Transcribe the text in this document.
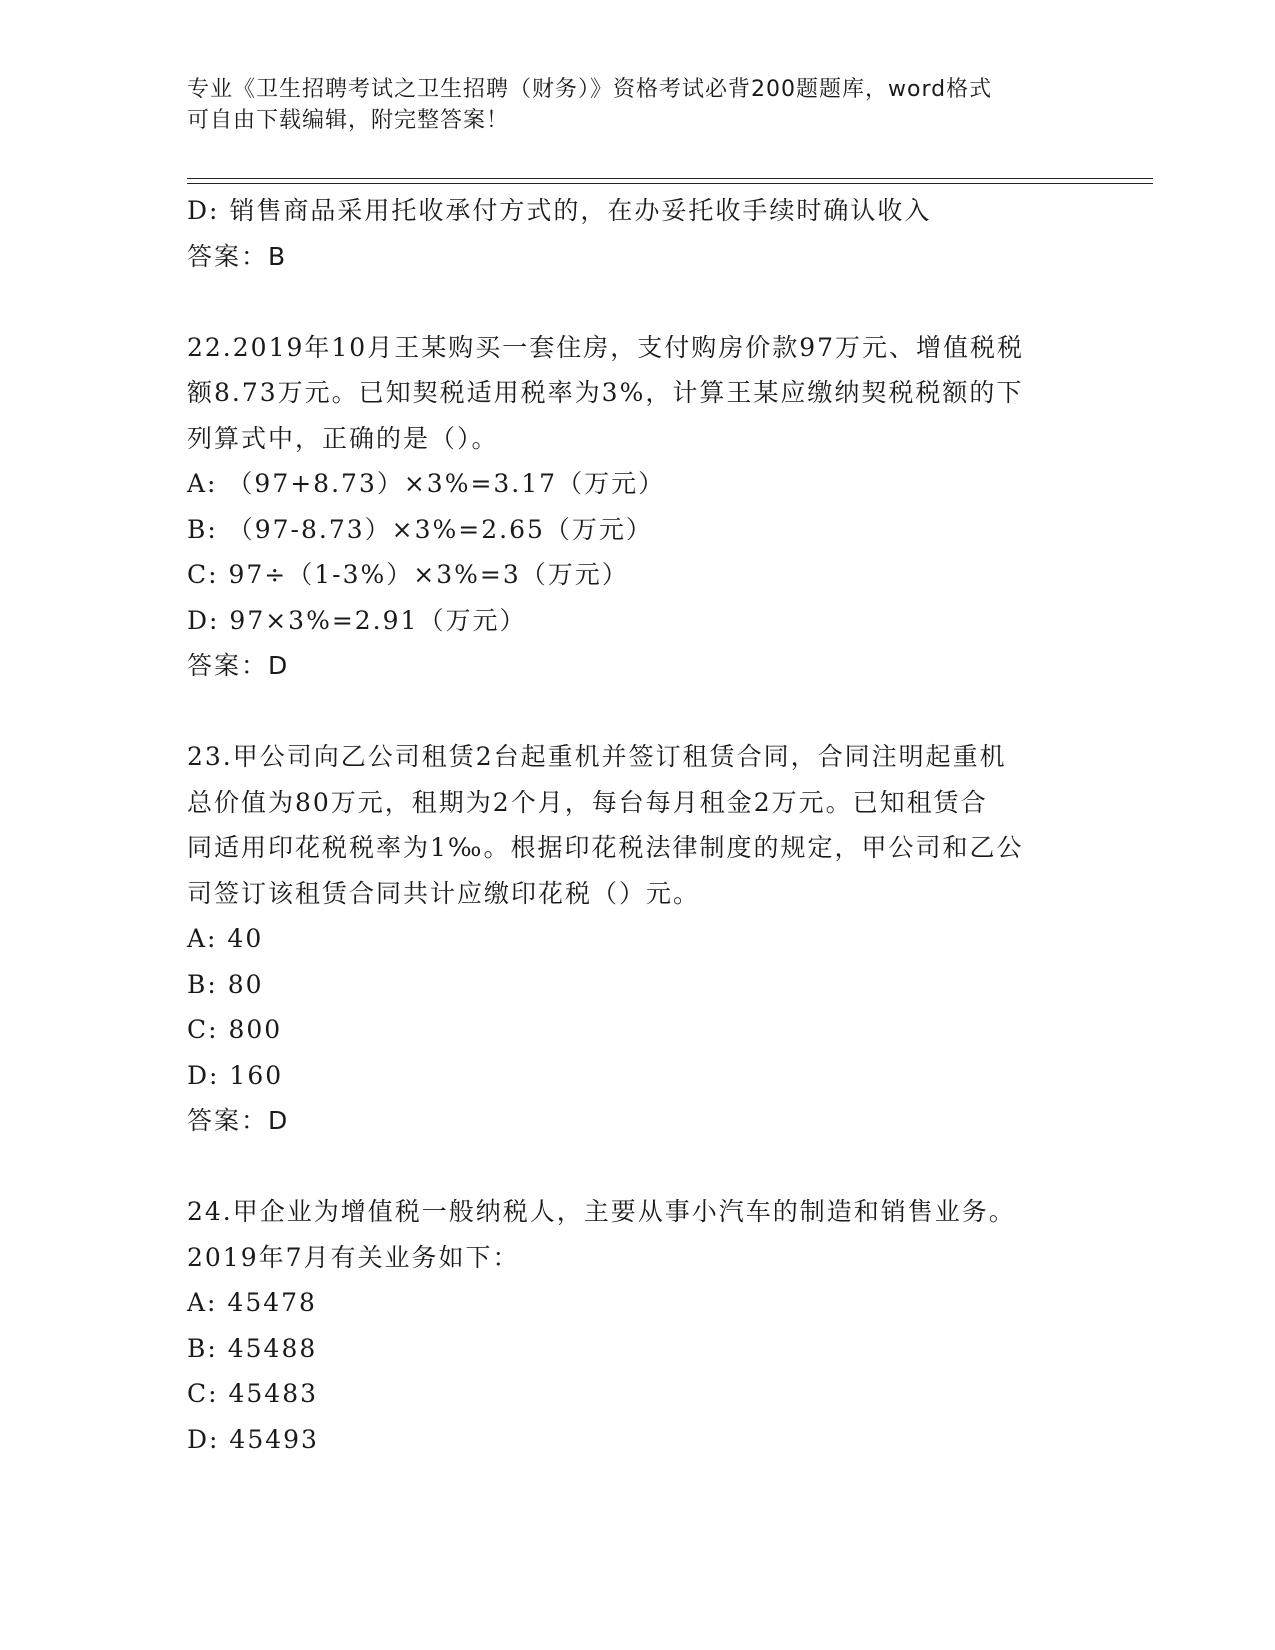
专业《卫生招聘考试之卫生招聘（财务）》资格考试必背200题题库，word格式
可自由下载编辑，附完整答案！
D: 销售商品采用托收承付方式的，在办妥托收手续时确认收入
答案：B
22.2019年10月王某购买一套住房，支付购房价款97万元、增值税税
额8.73万元。已知契税适用税率为3%，计算王某应缴纳契税税额的下
列算式中，正确的是（）。
A: （97+8.73）×3%=3.17（万元）
B: （97-8.73）×3%=2.65（万元）
C: 97÷（1-3%）×3%=3（万元）
D: 97×3%=2.91（万元）
答案：D
23.甲公司向乙公司租赁2台起重机并签订租赁合同，合同注明起重机
总价值为80万元，租期为2个月，每台每月租金2万元。已知租赁合
同适用印花税税率为1‰。根据印花税法律制度的规定，甲公司和乙公
司签订该租赁合同共计应缴印花税（）元。
A: 40
B: 80
C: 800
D: 160
答案：D
24.甲企业为增值税一般纳税人，主要从事小汽车的制造和销售业务。
2019年7月有关业务如下：
A: 45478
B: 45488
C: 45483
D: 45493
